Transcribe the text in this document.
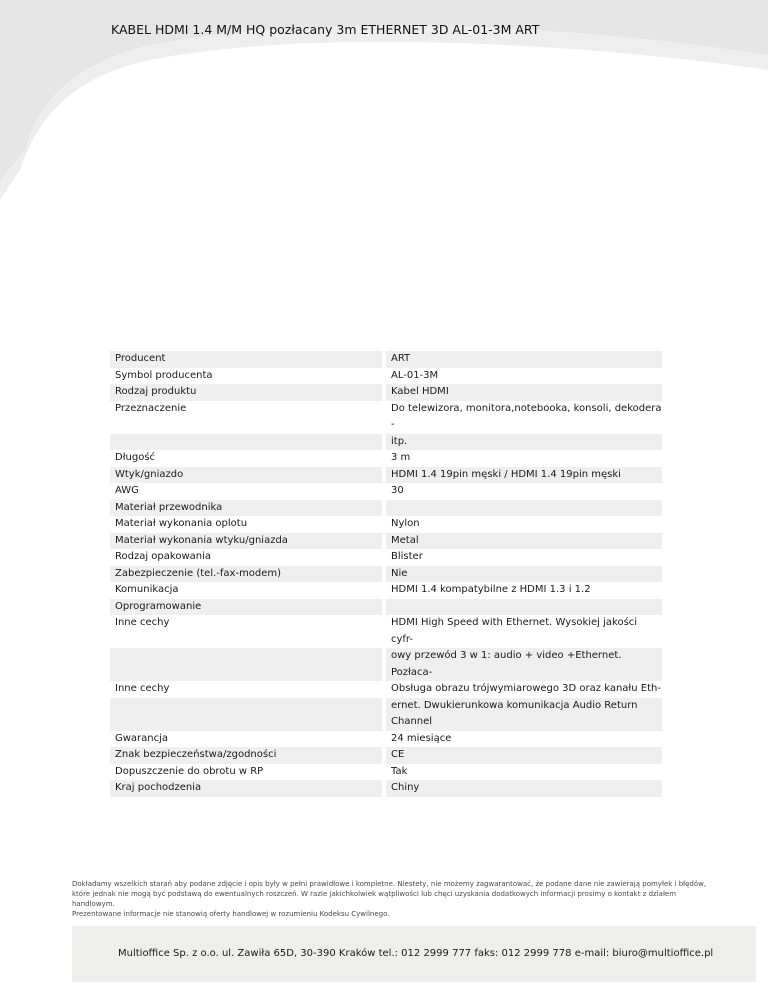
KABEL HDMI 1.4 M/M HQ pozłacany 3m ETHERNET 3D AL-01-3M ART
Producent	ART
Symbol producenta	AL-01-3M
Rodzaj produktu	Kabel HDMI
Przeznaczenie	Do telewizora, monitora,notebooka, konsoli, dekodera -
itp.
Długość	3 m
Wtyk/gniazdo	HDMI 1.4 19pin męski / HDMI 1.4 19pin męski
AWG	30
Materiał przewodnika

Materiał wykonania oplotu	Nylon
Materiał wykonania wtyku/gniazda	Metal
Rodzaj opakowania	Blister
Zabezpieczenie (tel.-fax-modem)	Nie
Komunikacja	HDMI 1.4 kompatybilne z HDMI 1.3 i 1.2
Oprogramowanie

Inne cechy	HDMI High Speed with Ethernet. Wysokiej jakości cyfr-
owy przewód 3 w 1: audio + video +Ethernet. Pozłaca-
Inne cechy	Obsługa obrazu trójwymiarowego 3D oraz kanału Eth-
ernet. Dwukierunkowa komunikacja Audio Return Channel
Gwarancja	24 miesiące
Znak bezpieczeństwa/zgodności	CE
Dopuszczenie do obrotu w RP	Tak
Kraj pochodzenia	Chiny
Dokładamy wszelkich starań aby podane zdjęcie i opis były w pełni prawidłowe i kompletne. Niestety, nie możemy zagwarantować, że podane dane nie zawierają pomyłek i błędów,
które jednak nie mogą być podstawą do ewentualnych roszczeń. W razie jakichkolwiek wątpliwości lub chęci uzyskania dodatkowych informacji prosimy o kontakt z działem handlowym.
Prezentowane informacje nie stanowią oferty handlowej w rozumieniu Kodeksu Cywilnego.
Multioffice Sp. z o.o. ul. Zawiła 65D, 30-390 Kraków tel.: 012 2999 777 faks: 012 2999 778 e-mail: biuro@multioffice.pl
